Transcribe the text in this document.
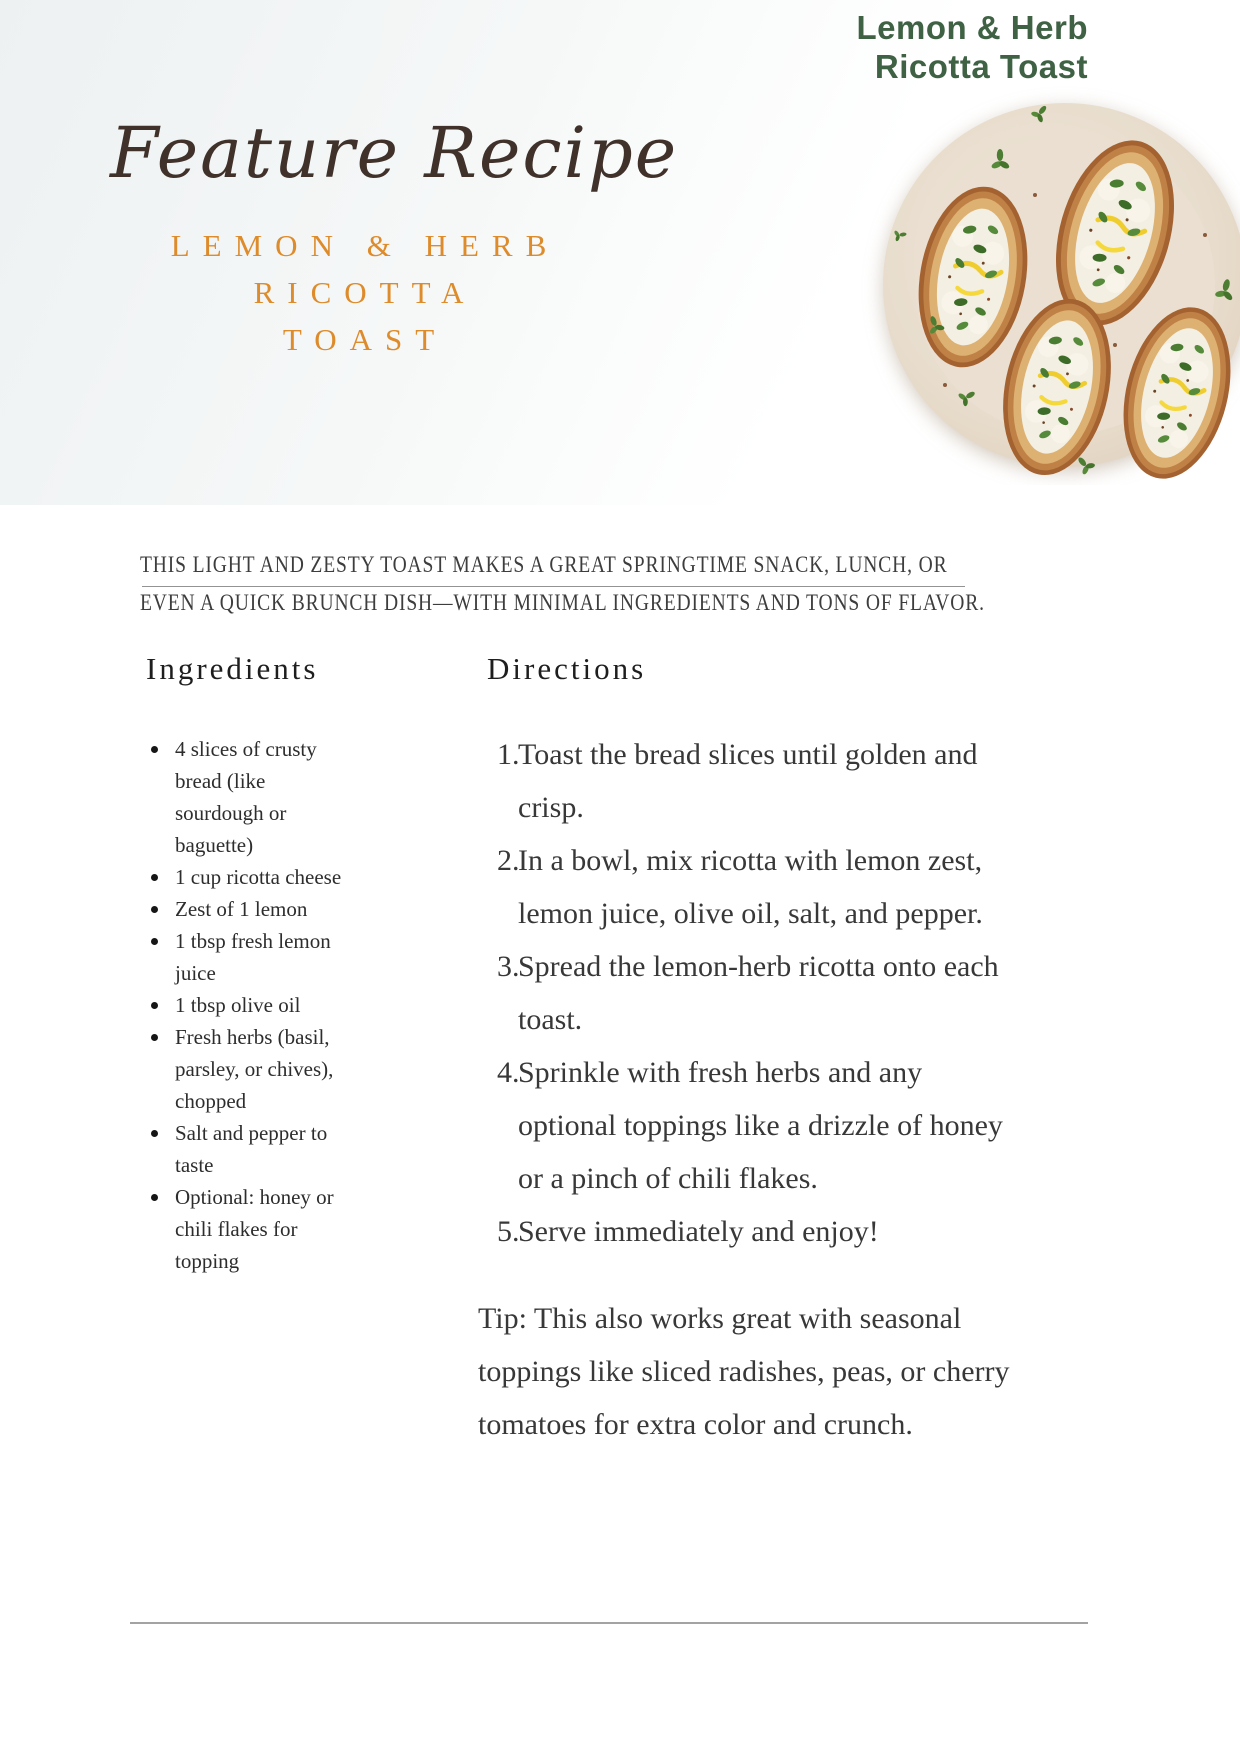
Lemon & Herb
Ricotta Toast
Feature Recipe
LEMON & HERB RICOTTA
TOAST
THIS LIGHT AND ZESTY TOAST MAKES A GREAT SPRINGTIME SNACK, LUNCH, OR
EVEN A QUICK BRUNCH DISH—WITH MINIMAL INGREDIENTS AND TONS OF FLAVOR.
Ingredients
4 slices of crusty bread (like sourdough or baguette)
1 cup ricotta cheese
Zest of 1 lemon
1 tbsp fresh lemon juice
1 tbsp olive oil
Fresh herbs (basil, parsley, or chives), chopped
Salt and pepper to taste
Optional: honey or chili flakes for topping
Directions
1.
Toast the bread slices until golden and crisp.
2.
In a bowl, mix ricotta with lemon zest, lemon juice, olive oil, salt, and pepper.
3.
Spread the lemon-herb ricotta onto each toast.
4.
Sprinkle with fresh herbs and any optional toppings like a drizzle of honey or a pinch of chili flakes.
5.
Serve immediately and enjoy!
Tip: This also works great with seasonal toppings like sliced radishes, peas, or cherry tomatoes for extra color and crunch.
